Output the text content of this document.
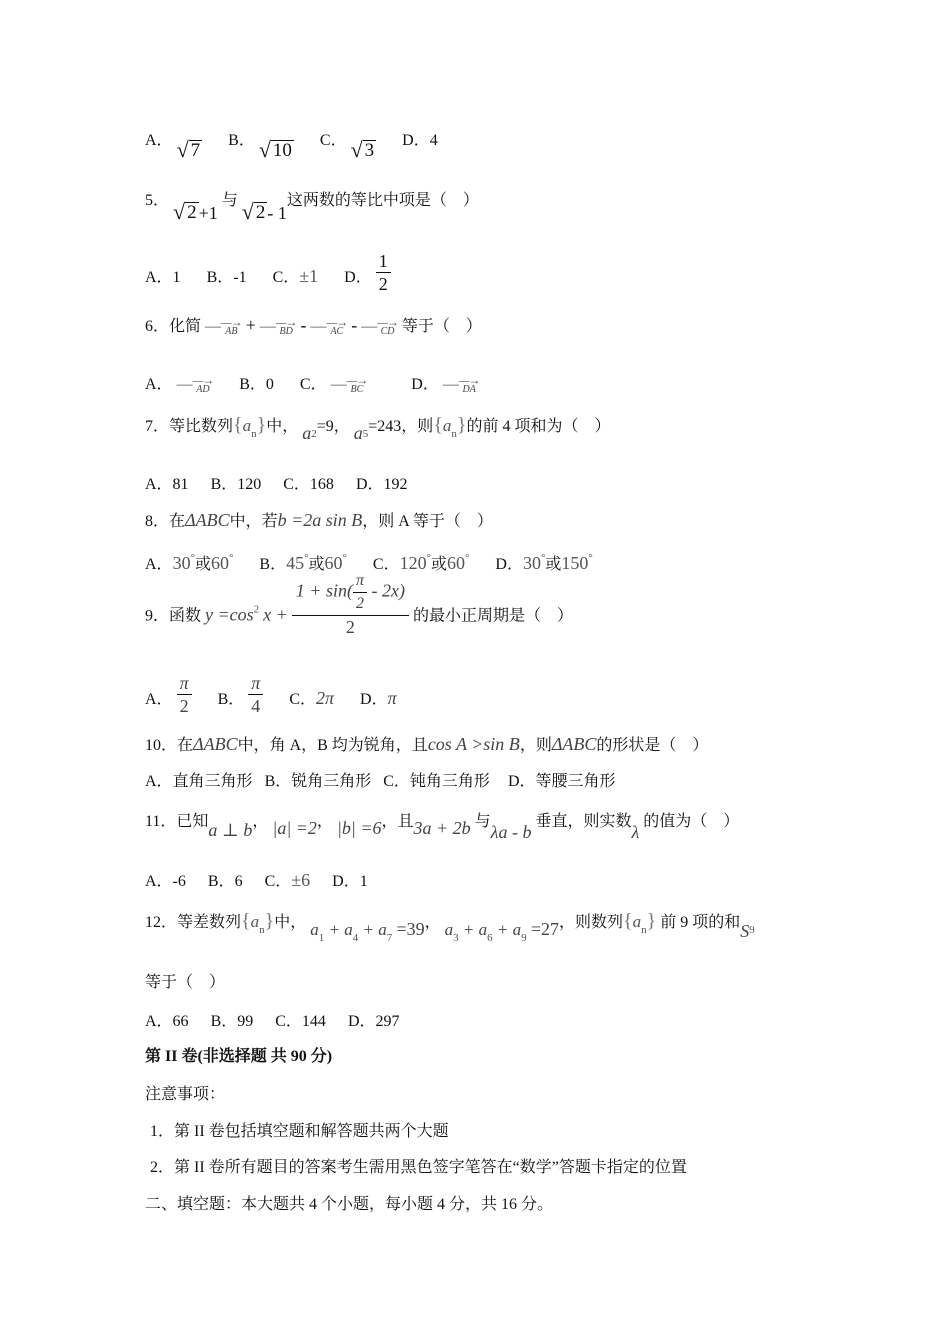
A． √ 7 B． √ 10 C． √ 3 D．4
5． √ 2 +1 与 √ 2 - 1这两数的等比中项是（　）
A．1 B．-1 C．±1 D． $\frac{1}{2}$
6．化简 — —→
AB + — —→
BD - — —→
AC - — —→
CD 等于（　）
A． — —→
AD B．0 C． — —→
BC	D． — —→
DA
7．等比数列$\{a_n\}$中， $a_2=9$， $a_5=243$，则$\{a_n\}$的前 4 项和为（　）
A．81 B．120 C．168 D．192
8．在ΔABC中，若b =2a sin B，则 A 等于（　）
A．30°或60° B．45°或60° C．120°或60° D．30°或150°
9．函数 $y =\cos^2$ $x + \frac{1 + \sin( \frac{\pi}{2} - 2x)}{2}$ 的最小正周期是（　）
A． $\frac{\pi}{2}$ B． $\frac{\pi}{4}$ C．2π D．π
10．在ΔABC中，角 A，B 均为锐角，且cos A >sin B，则ΔABC的形状是（　）
A．直角三角形 B．锐角三角形 C．钝角三角形 D．等腰三角形
11．已知a ⊥ b， |a| =2， |b| =6，且3a + 2b 与λa - b 垂直，则实数λ 的值为（　）
A．-6 B．6 C．±6 D．1
12．等差数列$\{a_n\}$中， $a_1 + a_4 + a_7 =39$， $a_3 + a_6 + a_9 =27$，则数列$\{a_n\}$ 前 9 项的和$S_9$
等于（　）
A．66 B．99 C．144 D．297
第 II 卷(非选择题 共 90 分)
注意事项：
1．第 II 卷包括填空题和解答题共两个大题
2．第 II 卷所有题目的答案考生需用黑色签字笔答在“数学”答题卡指定的位置
二、填空题：本大题共 4 个小题，每小题 4 分，共 16 分。
